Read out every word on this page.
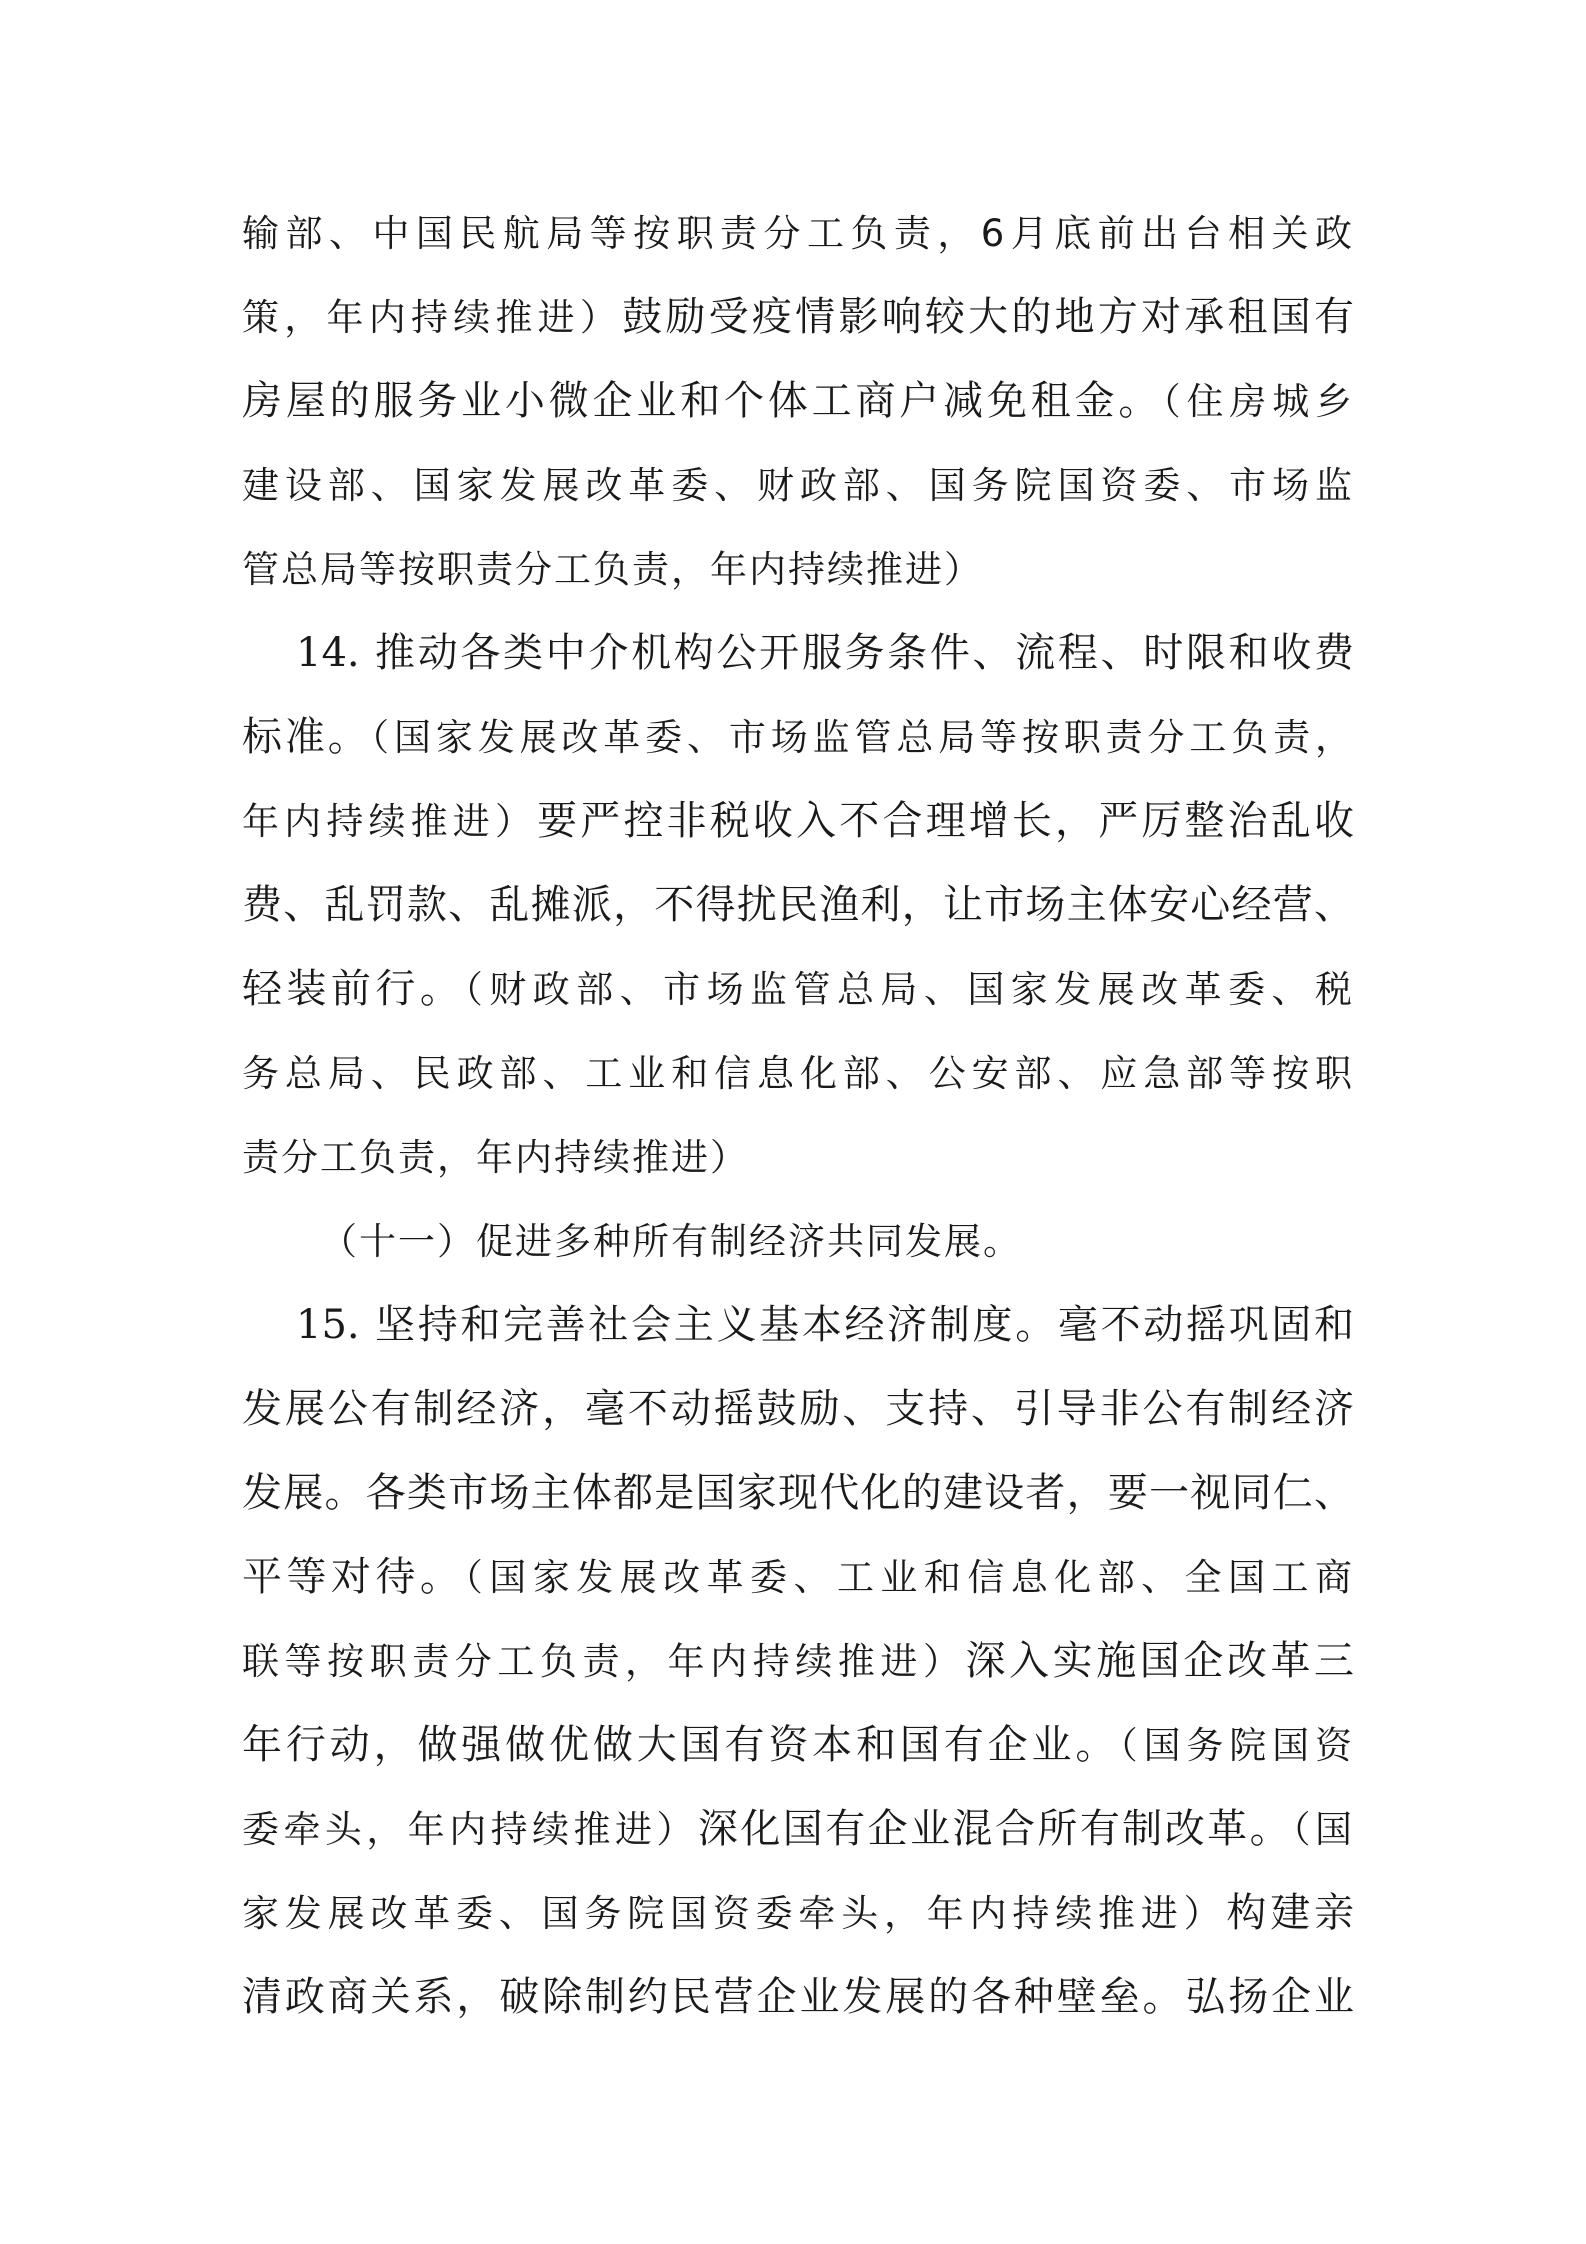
输部、中国民航局等按职责分工负责，6月底前出台相关政
策，年内持续推进）鼓励受疫情影响较大的地方对承租国有
房屋的服务业小微企业和个体工商户减免租金。（住房城乡
建设部、国家发展改革委、财政部、国务院国资委、市场监
管总局等按职责分工负责，年内持续推进）
14. 推动各类中介机构公开服务条件、流程、时限和收费
标准。（国家发展改革委、市场监管总局等按职责分工负责，
年内持续推进）要严控非税收入不合理增长，严厉整治乱收
费、乱罚款、乱摊派，不得扰民渔利，让市场主体安心经营、
轻装前行。（财政部、市场监管总局、国家发展改革委、税
务总局、民政部、工业和信息化部、公安部、应急部等按职
责分工负责，年内持续推进）
（十一）促进多种所有制经济共同发展。
15. 坚持和完善社会主义基本经济制度。毫不动摇巩固和
发展公有制经济，毫不动摇鼓励、支持、引导非公有制经济
发展。各类市场主体都是国家现代化的建设者，要一视同仁、
平等对待。（国家发展改革委、工业和信息化部、全国工商
联等按职责分工负责，年内持续推进）深入实施国企改革三
年行动，做强做优做大国有资本和国有企业。（国务院国资
委牵头，年内持续推进）深化国有企业混合所有制改革。（国
家发展改革委、国务院国资委牵头，年内持续推进）构建亲
清政商关系，破除制约民营企业发展的各种壁垒。弘扬企业
